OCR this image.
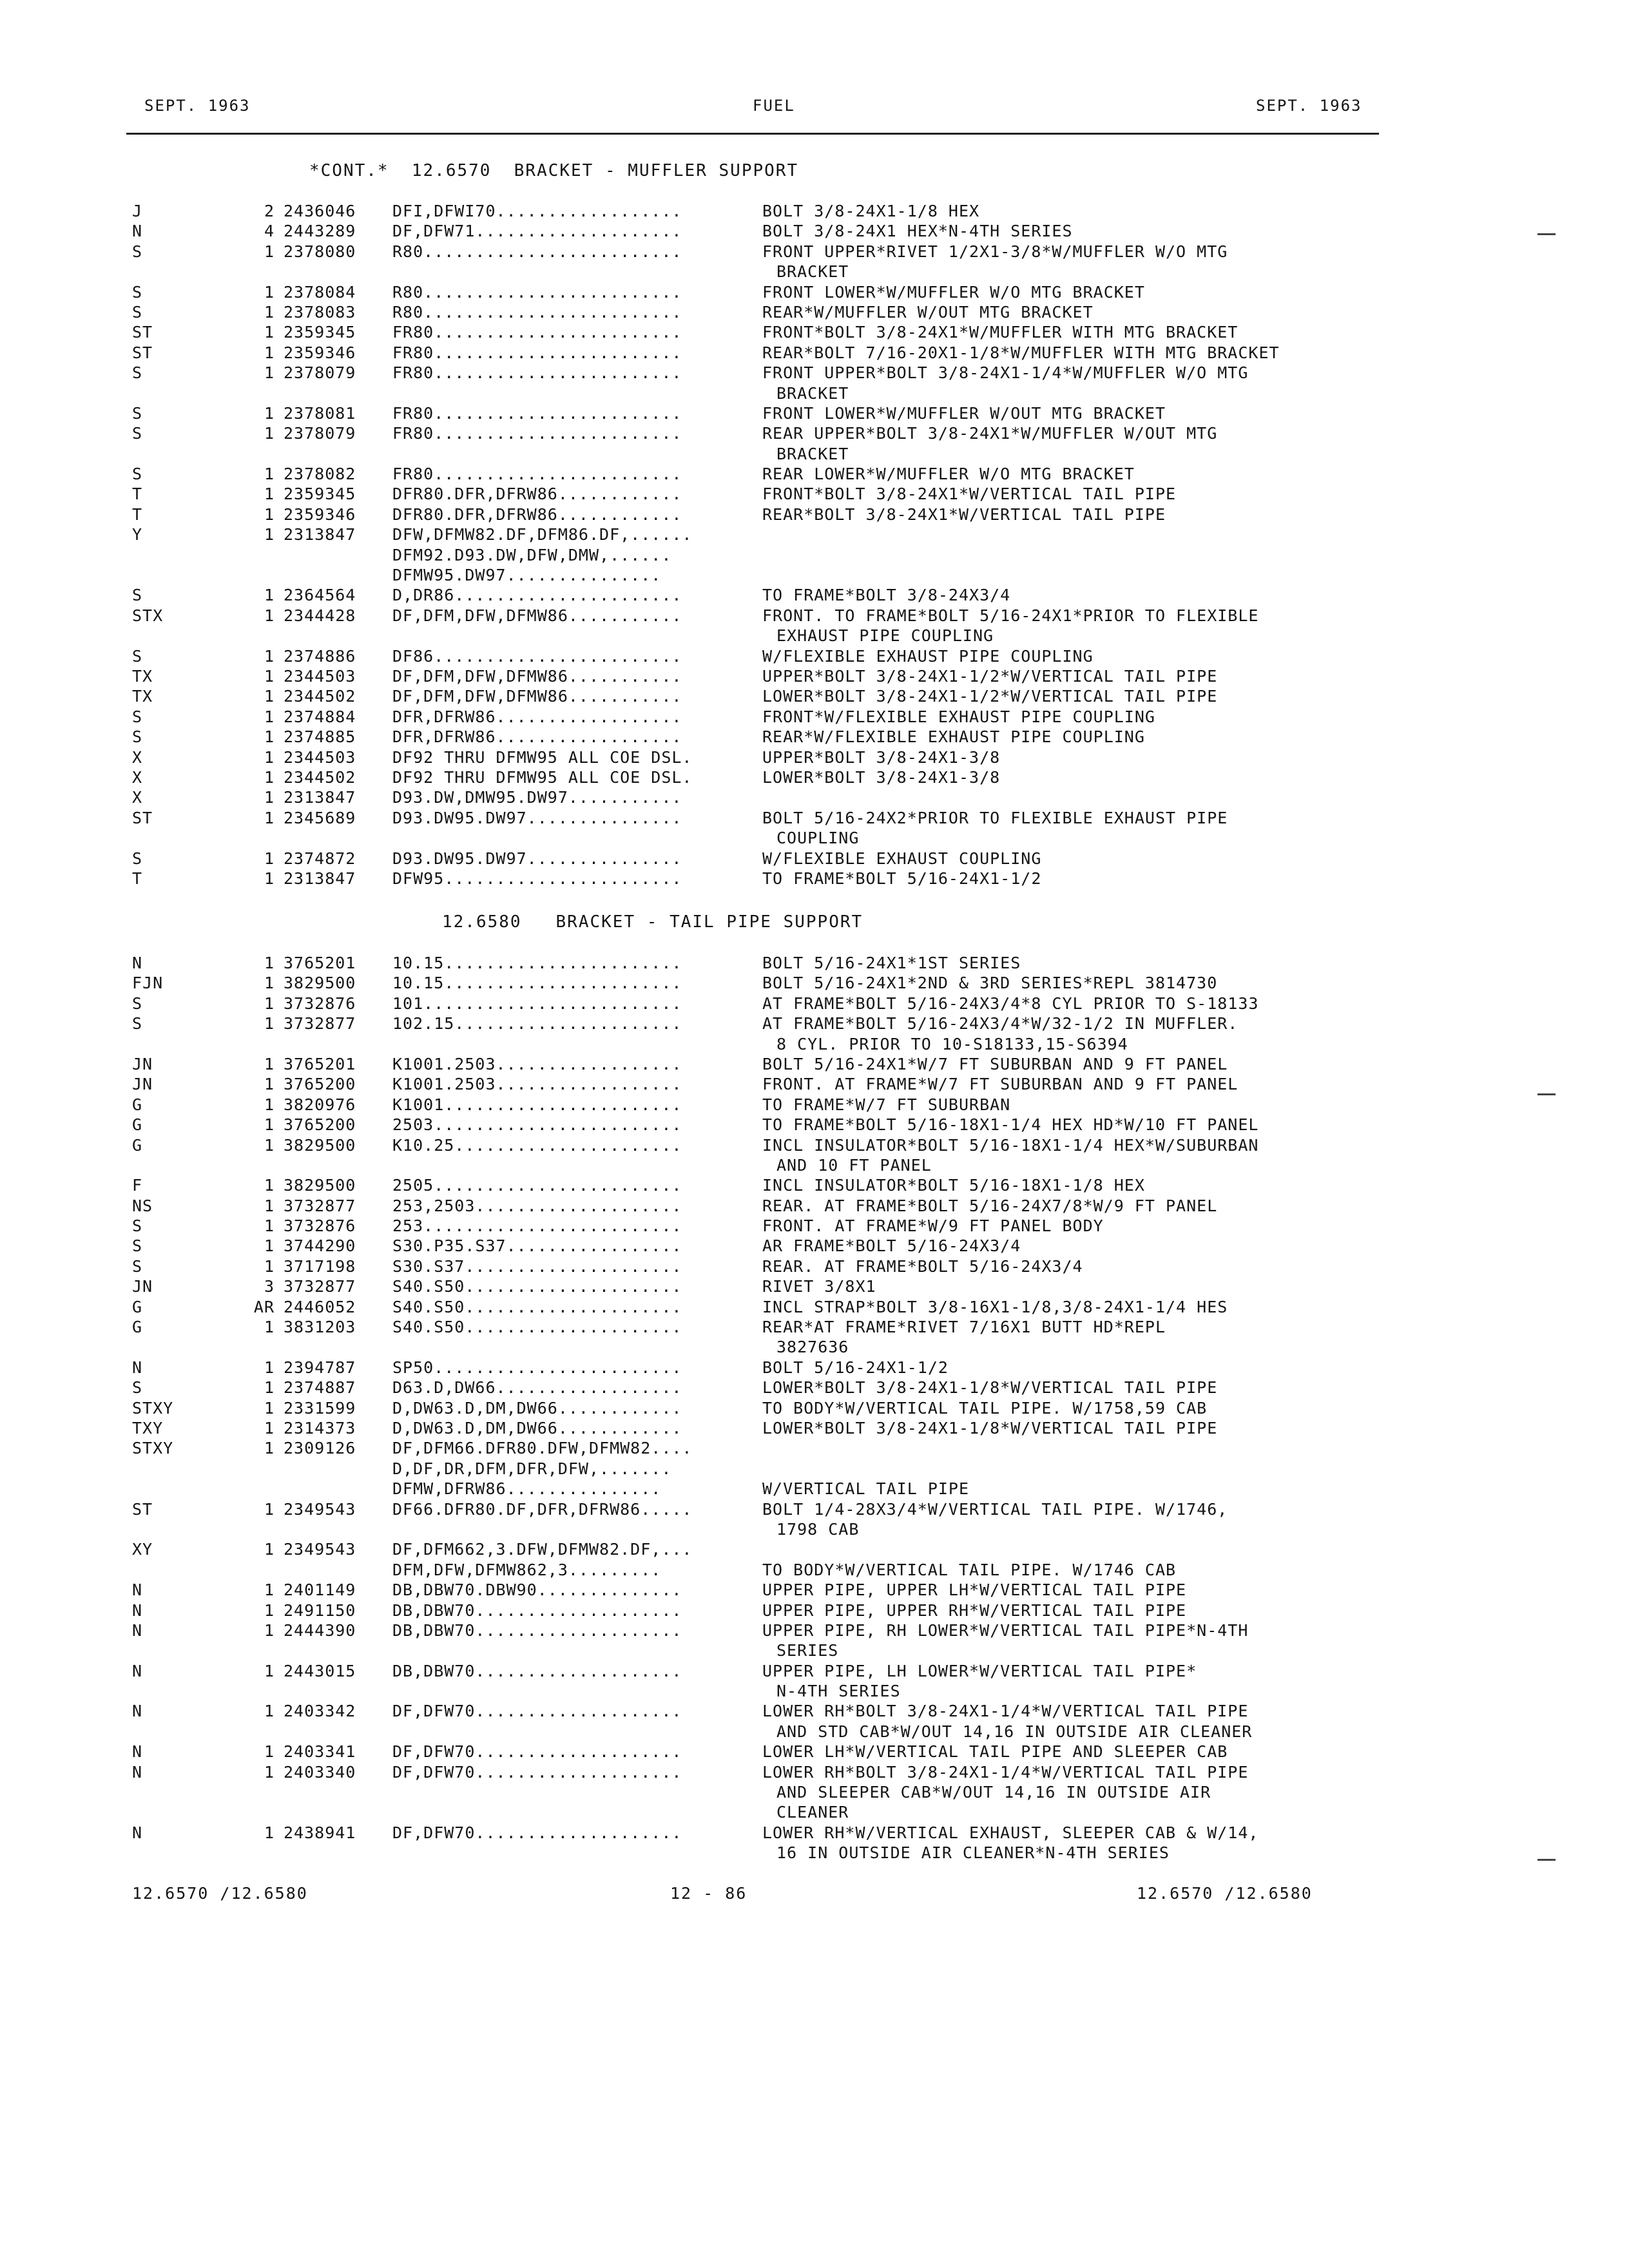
SEPT. 1963	FUEL	SEPT. 1963
*CONT.*  12.6570  BRACKET - MUFFLER SUPPORT
J	2 2436046 DFI,DFWI70..................	BOLT 3/8-24X1-1/8 HEX
N	4 2443289 DF,DFW71....................	BOLT 3/8-24X1 HEX*N-4TH SERIES
S	1 2378080 R80.........................	FRONT UPPER*RIVET 1/2X1-3/8*W/MUFFLER W/O MTG
BRACKET
S	1 2378084 R80.........................	FRONT LOWER*W/MUFFLER W/O MTG BRACKET
S	1 2378083 R80.........................	REAR*W/MUFFLER W/OUT MTG BRACKET
ST	1 2359345 FR80........................	FRONT*BOLT 3/8-24X1*W/MUFFLER WITH MTG BRACKET
ST	1 2359346 FR80........................	REAR*BOLT 7/16-20X1-1/8*W/MUFFLER WITH MTG BRACKET
S	1 2378079 FR80........................	FRONT UPPER*BOLT 3/8-24X1-1/4*W/MUFFLER W/O MTG
BRACKET
S	1 2378081 FR80........................	FRONT LOWER*W/MUFFLER W/OUT MTG BRACKET
S	1 2378079 FR80........................	REAR UPPER*BOLT 3/8-24X1*W/MUFFLER W/OUT MTG
BRACKET
S	1 2378082 FR80........................	REAR LOWER*W/MUFFLER W/O MTG BRACKET
T	1 2359345 DFR80.DFR,DFRW86............	FRONT*BOLT 3/8-24X1*W/VERTICAL TAIL PIPE
T	1 2359346 DFR80.DFR,DFRW86............	REAR*BOLT 3/8-24X1*W/VERTICAL TAIL PIPE
Y	1 2313847 DFW,DFMW82.DF,DFM86.DF,......
DFM92.D93.DW,DFW,DMW,......
DFMW95.DW97...............
S	1 2364564 D,DR86......................	TO FRAME*BOLT 3/8-24X3/4
STX	1 2344428 DF,DFM,DFW,DFMW86...........	FRONT. TO FRAME*BOLT 5/16-24X1*PRIOR TO FLEXIBLE
EXHAUST PIPE COUPLING
S	1 2374886 DF86........................	W/FLEXIBLE EXHAUST PIPE COUPLING
TX	1 2344503 DF,DFM,DFW,DFMW86...........	UPPER*BOLT 3/8-24X1-1/2*W/VERTICAL TAIL PIPE
TX	1 2344502 DF,DFM,DFW,DFMW86...........	LOWER*BOLT 3/8-24X1-1/2*W/VERTICAL TAIL PIPE
S	1 2374884 DFR,DFRW86..................	FRONT*W/FLEXIBLE EXHAUST PIPE COUPLING
S	1 2374885 DFR,DFRW86..................	REAR*W/FLEXIBLE EXHAUST PIPE COUPLING
X	1 2344503 DF92 THRU DFMW95 ALL COE DSL.	UPPER*BOLT 3/8-24X1-3/8
X	1 2344502 DF92 THRU DFMW95 ALL COE DSL.	LOWER*BOLT 3/8-24X1-3/8
X	1 2313847 D93.DW,DMW95.DW97...........
ST	1 2345689 D93.DW95.DW97...............	BOLT 5/16-24X2*PRIOR TO FLEXIBLE EXHAUST PIPE
COUPLING
S	1 2374872 D93.DW95.DW97...............	W/FLEXIBLE EXHAUST COUPLING
T	1 2313847 DFW95.......................	TO FRAME*BOLT 5/16-24X1-1/2
12.6580   BRACKET - TAIL PIPE SUPPORT
N	1 3765201 10.15.......................	BOLT 5/16-24X1*1ST SERIES
FJN	1 3829500 10.15.......................	BOLT 5/16-24X1*2ND & 3RD SERIES*REPL 3814730
S	1 3732876 101.........................	AT FRAME*BOLT 5/16-24X3/4*8 CYL PRIOR TO S-18133
S	1 3732877 102.15......................	AT FRAME*BOLT 5/16-24X3/4*W/32-1/2 IN MUFFLER.
8 CYL. PRIOR TO 10-S18133,15-S6394
JN	1 3765201 K1001.2503..................	BOLT 5/16-24X1*W/7 FT SUBURBAN AND 9 FT PANEL
JN	1 3765200 K1001.2503..................	FRONT. AT FRAME*W/7 FT SUBURBAN AND 9 FT PANEL
G	1 3820976 K1001.......................	TO FRAME*W/7 FT SUBURBAN
G	1 3765200 2503........................	TO FRAME*BOLT 5/16-18X1-1/4 HEX HD*W/10 FT PANEL
G	1 3829500 K10.25......................	INCL INSULATOR*BOLT 5/16-18X1-1/4 HEX*W/SUBURBAN
AND 10 FT PANEL
F	1 3829500 2505........................	INCL INSULATOR*BOLT 5/16-18X1-1/8 HEX
NS	1 3732877 253,2503....................	REAR. AT FRAME*BOLT 5/16-24X7/8*W/9 FT PANEL
S	1 3732876 253.........................	FRONT. AT FRAME*W/9 FT PANEL BODY
S	1 3744290 S30.P35.S37.................	AR FRAME*BOLT 5/16-24X3/4
S	1 3717198 S30.S37.....................	REAR. AT FRAME*BOLT 5/16-24X3/4
JN	3 3732877 S40.S50.....................	RIVET 3/8X1
G	AR 2446052 S40.S50.....................	INCL STRAP*BOLT 3/8-16X1-1/8,3/8-24X1-1/4 HES
G	1 3831203 S40.S50.....................	REAR*AT FRAME*RIVET 7/16X1 BUTT HD*REPL
3827636
N	1 2394787 SP50........................	BOLT 5/16-24X1-1/2
S	1 2374887 D63.D,DW66..................	LOWER*BOLT 3/8-24X1-1/8*W/VERTICAL TAIL PIPE
STXY	1 2331599 D,DW63.D,DM,DW66............	TO BODY*W/VERTICAL TAIL PIPE. W/1758,59 CAB
TXY	1 2314373 D,DW63.D,DM,DW66............	LOWER*BOLT 3/8-24X1-1/8*W/VERTICAL TAIL PIPE
STXY	1 2309126 DF,DFM66.DFR80.DFW,DFMW82....
D,DF,DR,DFM,DFR,DFW,.......
DFMW,DFRW86...............	W/VERTICAL TAIL PIPE
ST	1 2349543 DF66.DFR80.DF,DFR,DFRW86.....	BOLT 1/4-28X3/4*W/VERTICAL TAIL PIPE. W/1746,
1798 CAB
XY	1 2349543 DF,DFM662,3.DFW,DFMW82.DF,...
DFM,DFW,DFMW862,3.........	TO BODY*W/VERTICAL TAIL PIPE. W/1746 CAB
N	1 2401149 DB,DBW70.DBW90..............	UPPER PIPE, UPPER LH*W/VERTICAL TAIL PIPE
N	1 2491150 DB,DBW70....................	UPPER PIPE, UPPER RH*W/VERTICAL TAIL PIPE
N	1 2444390 DB,DBW70....................	UPPER PIPE, RH LOWER*W/VERTICAL TAIL PIPE*N-4TH
SERIES
N	1 2443015 DB,DBW70....................	UPPER PIPE, LH LOWER*W/VERTICAL TAIL PIPE*
N-4TH SERIES
N	1 2403342 DF,DFW70....................	LOWER RH*BOLT 3/8-24X1-1/4*W/VERTICAL TAIL PIPE
AND STD CAB*W/OUT 14,16 IN OUTSIDE AIR CLEANER
N	1 2403341 DF,DFW70....................	LOWER LH*W/VERTICAL TAIL PIPE AND SLEEPER CAB
N	1 2403340 DF,DFW70....................	LOWER RH*BOLT 3/8-24X1-1/4*W/VERTICAL TAIL PIPE
AND SLEEPER CAB*W/OUT 14,16 IN OUTSIDE AIR
CLEANER
N	1 2438941 DF,DFW70....................	LOWER RH*W/VERTICAL EXHAUST, SLEEPER CAB & W/14,
16 IN OUTSIDE AIR CLEANER*N-4TH SERIES
12.6570 /12.6580	12 - 86	12.6570 /12.6580
